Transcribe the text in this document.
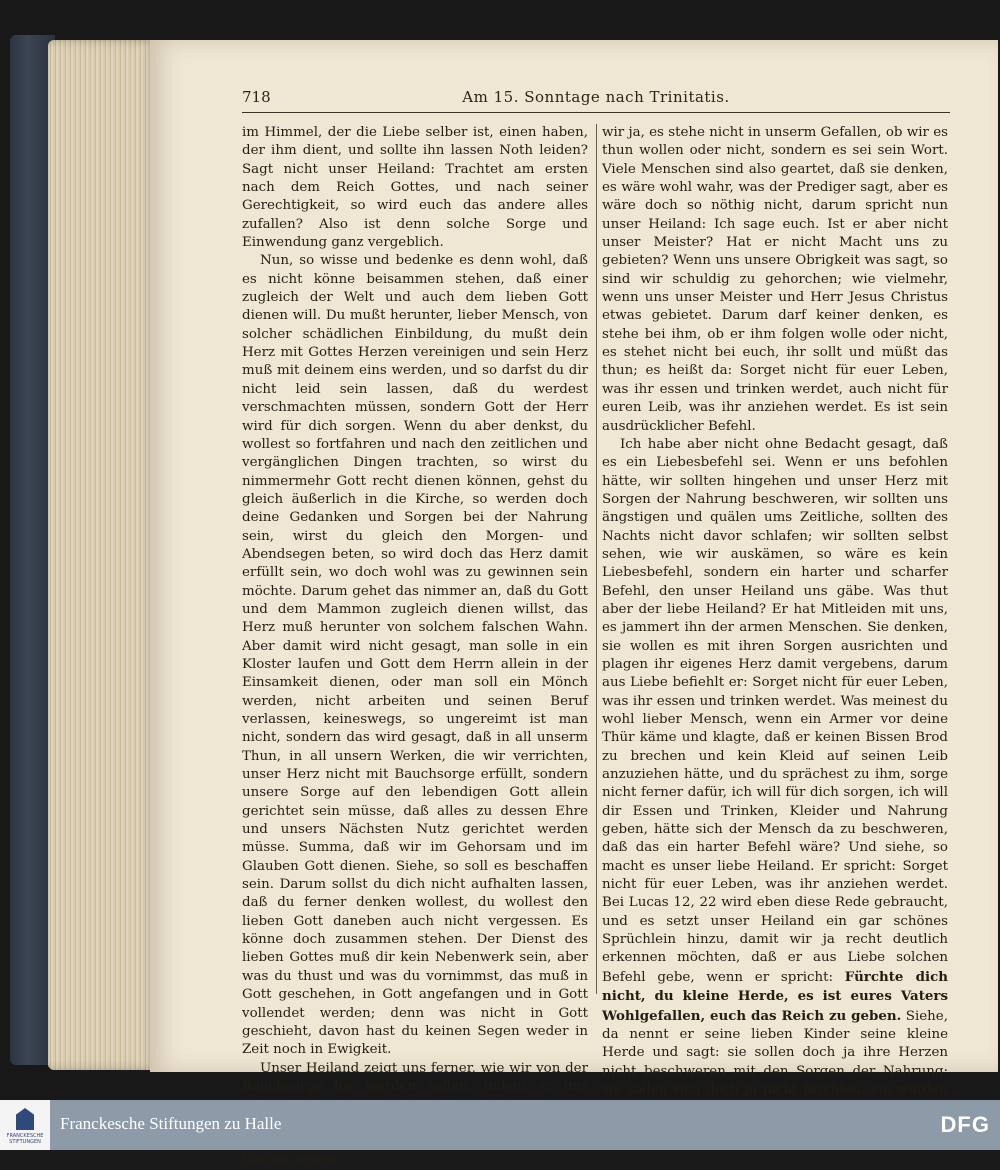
718	Am 15. Sonntage nach Trinitatis.

im Himmel, der die Liebe selber ist, einen haben, der ihm dient, und sollte ihn lassen Noth leiden? Sagt nicht unser Heiland: Trachtet am ersten nach dem Reich Gottes, und nach seiner Gerechtigkeit, so wird euch das andere alles zufallen? Also ist denn solche Sorge und Einwendung ganz vergeblich.

Nun, so wisse und bedenke es denn wohl, daß es nicht könne beisammen stehen, daß einer zugleich der Welt und auch dem lieben Gott dienen will. Du mußt herunter, lieber Mensch, von solcher schädlichen Einbildung, du mußt dein Herz mit Gottes Herzen vereinigen und sein Herz muß mit deinem eins werden, und so darfst du dir nicht leid sein lassen, daß du werdest verschmachten müssen, sondern Gott der Herr wird für dich sorgen. Wenn du aber denkst, du wollest so fortfahren und nach den zeitlichen und vergänglichen Dingen trachten, so wirst du nimmermehr Gott recht dienen können, gehst du gleich äußerlich in die Kirche, so werden doch deine Gedanken und Sorgen bei der Nahrung sein, wirst du gleich den Morgen- und Abendsegen beten, so wird doch das Herz damit erfüllt sein, wo doch wohl was zu gewinnen sein möchte. Darum gehet das nimmer an, daß du Gott und dem Mammon zugleich dienen willst, das Herz muß herunter von solchem falschen Wahn. Aber damit wird nicht gesagt, man solle in ein Kloster laufen und Gott dem Herrn allein in der Einsamkeit dienen, oder man soll ein Mönch werden, nicht arbeiten und seinen Beruf verlassen, keineswegs, so ungereimt ist man nicht, sondern das wird gesagt, daß in all unserm Thun, in all unsern Werken, die wir verrichten, unser Herz nicht mit Bauchsorge erfüllt, sondern unsere Sorge auf den lebendigen Gott allein gerichtet sein müsse, daß alles zu dessen Ehre und unsers Nächsten Nutz gerichtet werden müsse. Summa, daß wir im Gehorsam und im Glauben Gott dienen. Siehe, so soll es beschaffen sein. Darum sollst du dich nicht aufhalten lassen, daß du ferner denken wollest, du wollest den lieben Gott daneben auch nicht vergessen. Es könne doch zusammen stehen. Der Dienst des lieben Gottes muß dir kein Nebenwerk sein, aber was du thust und was du vornimmst, das muß in Gott geschehen, in Gott angefangen und in Gott vollendet werden; denn was nicht in Gott geschieht, davon hast du keinen Segen weder in Zeit noch in Ewigkeit.

Unser Heiland zeigt uns ferner, wie wir von der Bauchsorge los werden sollen, indem er uns Daraus sehen

wir ja, es stehe nicht in unserm Gefallen, ob wir es thun wollen oder nicht, sondern es sei sein Wort. Viele Menschen sind also geartet, daß sie denken, es wäre wohl wahr, was der Prediger sagt, aber es wäre doch so nöthig nicht, darum spricht nun unser Heiland: Ich sage euch. Ist er aber nicht unser Meister? Hat er nicht Macht uns zu gebieten? Wenn uns unsere Obrigkeit was sagt, so sind wir schuldig zu gehorchen; wie vielmehr, wenn uns unser Meister und Herr Jesus Christus etwas gebietet. Darum darf keiner denken, es stehe bei ihm, ob er ihm folgen wolle oder nicht, es stehet nicht bei euch, ihr sollt und müßt das thun; es heißt da: Sorget nicht für euer Leben, was ihr essen und trinken werdet, auch nicht für euren Leib, was ihr anziehen werdet. Es ist sein ausdrücklicher Befehl.

Ich habe aber nicht ohne Bedacht gesagt, daß es ein Liebesbefehl sei. Wenn er uns befohlen hätte, wir sollten hingehen und unser Herz mit Sorgen der Nahrung beschweren, wir sollten uns ängstigen und quälen ums Zeitliche, sollten des Nachts nicht davor schlafen; wir sollten selbst sehen, wie wir auskämen, so wäre es kein Liebesbefehl, sondern ein harter und scharfer Befehl, den unser Heiland uns gäbe. Was thut aber der liebe Heiland? Er hat Mitleiden mit uns, es jammert ihn der armen Menschen. Sie denken, sie wollen es mit ihren Sorgen ausrichten und plagen ihr eigenes Herz damit vergebens, darum aus Liebe befiehlt er: Sorget nicht für euer Leben, was ihr essen und trinken werdet. Was meinest du wohl lieber Mensch, wenn ein Armer vor deine Thür käme und klagte, daß er keinen Bissen Brod zu brechen und kein Kleid auf seinen Leib anzuziehen hätte, und du sprächest zu ihm, sorge nicht ferner dafür, ich will für dich sorgen, ich will dir Essen und Trinken, Kleider und Nahrung geben, hätte sich der Mensch da zu beschweren, daß das ein harter Befehl wäre? Und siehe, so macht es unser liebe Heiland. Er spricht: Sorget nicht für euer Leben, was ihr anziehen werdet. Bei Lucas 12, 22 wird eben diese Rede gebraucht, und es setzt unser Heiland ein gar schönes Sprüchlein hinzu, damit wir ja recht deutlich erkennen möchten, daß er aus Liebe solchen Befehl gebe, wenn er spricht: Fürchte dich nicht, du kleine Herde, es ist eures Vaters Wohlgefallen, euch das Reich zu geben. Siehe, da nennt er seine lieben Kinder seine kleine Herde und sagt: sie sollen doch ja ihre Herzen nicht beschweren mit den Sorgen der Nahrung; sie sollen sich doch ja nicht fürchten, sie würden

FRANCKESCHE
STIFTUNGEN
Franckesche Stiftungen zu Halle	DFG
